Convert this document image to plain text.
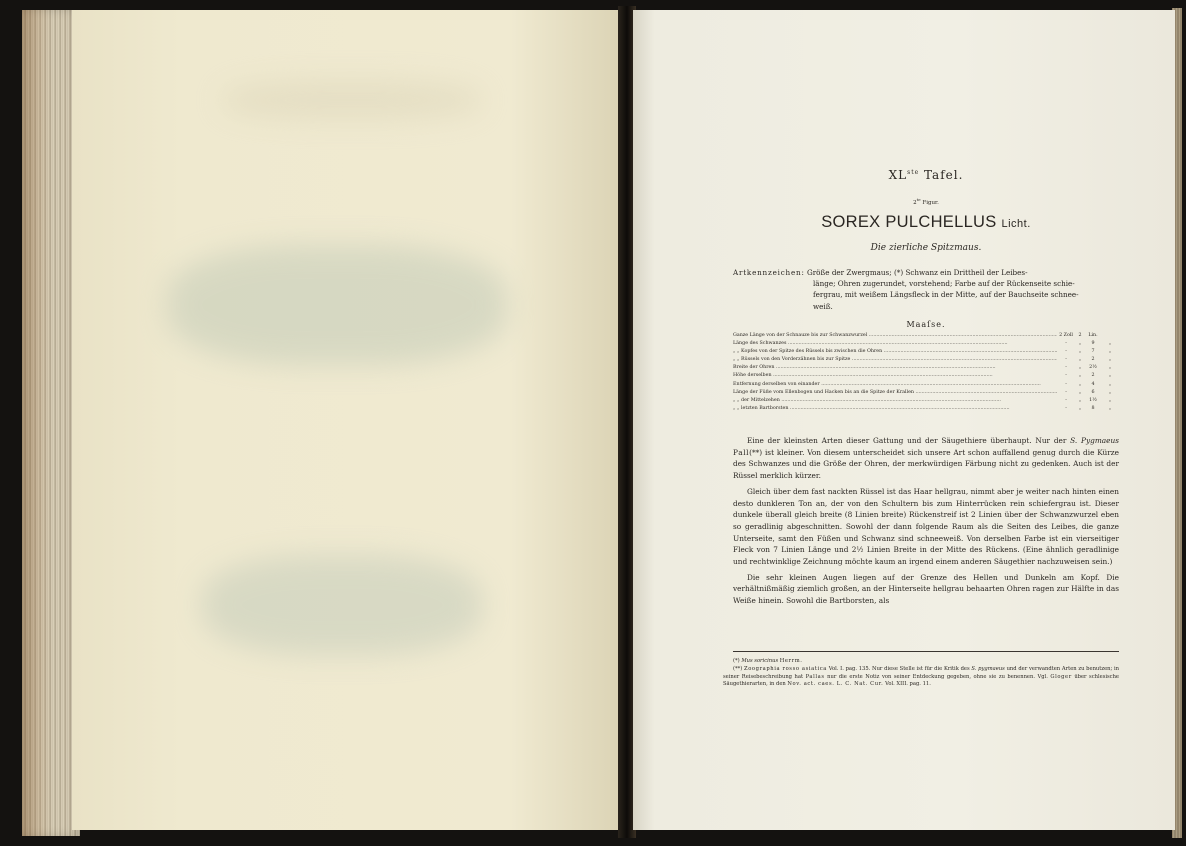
XLste Tafel.
$2^{te}$ Figur.
SOREX PULCHELLUS Licht.
Die zierliche Spitzmaus.
Artkennzeichen: Größe der Zwergmaus; (*) Schwanz ein Drittheil der Leibes-
länge; Ohren zugerundet, vorstehend; Farbe auf der Rückenseite schie-
fergrau, mit weißem Längsfleck in der Mitte, auf der Bauchseite schnee-
weiß.
Maaſse.
Ganze Länge von der Schnauze bis zur Schwanzwurzel .....	2 Zoll	2	Lin.
Länge des Schwanzes .....	-	„	9	„
„ „ Kopfes von der Spitze des Rüssels bis zwischen die Ohren .....	-	„	7	„
„ „ Rüssels von den Vorderzähnen bis zur Spitze .....	-	„	2	„
Breite der Ohren .....	-	„	2½	„
Höhe derselben .....	-	„	2	„
Entfernung derselben von einander .....	-	„	4	„
Länge der Füße vom Ellenbogen und Hacken bis an die Spitze der Krallen .....	-	„	6	„
„ „ der Mittelzehen .....	-	„	1½	„
„ „ letzten Bartborsten .....	-	„	8	„

Eine der kleinsten Arten dieser Gattung und der Säugethiere überhaupt. Nur der S. Pygmaeus Pall(**) ist kleiner. Von diesem unterscheidet sich unsere Art schon auffallend genug durch die Kürze des Schwanzes und die Größe der Ohren, der merkwürdigen Färbung nicht zu gedenken. Auch ist der Rüssel merklich kürzer.

Gleich über dem fast nackten Rüssel ist das Haar hellgrau, nimmt aber je weiter nach hinten einen desto dunkleren Ton an, der von den Schultern bis zum Hinterrücken rein schiefergrau ist. Dieser dunkele überall gleich breite (8 Linien breite) Rückenstreif ist 2 Linien über der Schwanzwurzel eben so geradlinig abgeschnitten. Sowohl der dann folgende Raum als die Seiten des Leibes, die ganze Unterseite, samt den Füßen und Schwanz sind schneeweiß. Von derselben Farbe ist ein vierseitiger Fleck von 7 Linien Länge und 2½ Linien Breite in der Mitte des Rückens. (Eine ähnlich geradlinige und rechtwinklige Zeichnung möchte kaum an irgend einem anderen Säugethier nachzuweisen sein.)

Die sehr kleinen Augen liegen auf der Grenze des Hellen und Dunkeln am Kopf. Die verhältnißmäßig ziemlich großen, an der Hinterseite hellgrau behaarten Ohren ragen zur Hälfte in das Weiße hinein. Sowohl die Bartborsten, als

(*) Mus soricinus Herrm.

(**) Zoographia rosso asiatica Vol. I. pag. 135. Nur diese Stelle ist für die Kritik des S. pygmaeus und der verwandten Arten zu benutzen; in seiner Reisebeschreibung hat Pallas nur die erste Notiz von seiner Entdeckung gegeben, ohne sie zu benennen. Vgl. Gloger über schlesische Säugethierarten, in den Nov. act. caes. L. C. Nat. Cur. Vol. XIII. pag. 11.
